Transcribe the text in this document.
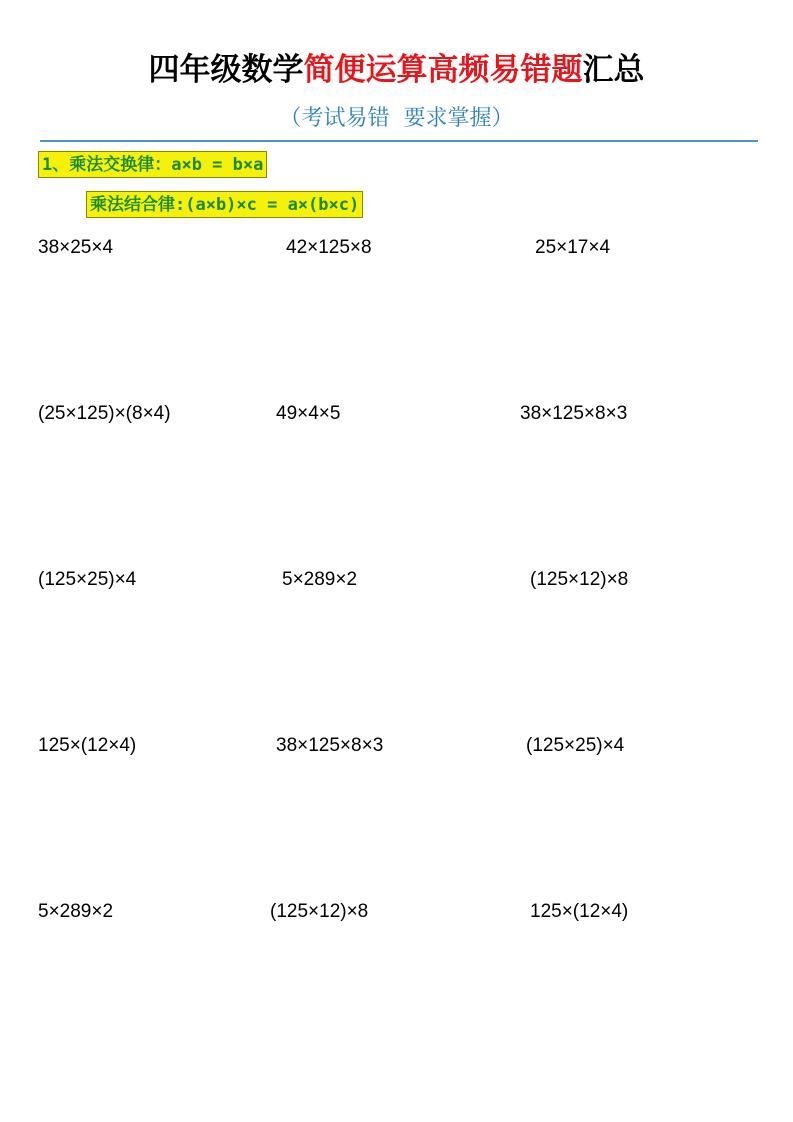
四年级数学简便运算高频易错题汇总
（考试易错  要求掌握）
1、乘法交换律：a×b = b×a
乘法结合律:(a×b)×c = a×(b×c)
38×25×4	42×125×8	25×17×4
(25×125)×(8×4)	49×4×5	38×125×8×3
(125×25)×4	5×289×2	(125×12)×8
125×(12×4)	38×125×8×3	(125×25)×4
5×289×2	(125×12)×8	125×(12×4)
